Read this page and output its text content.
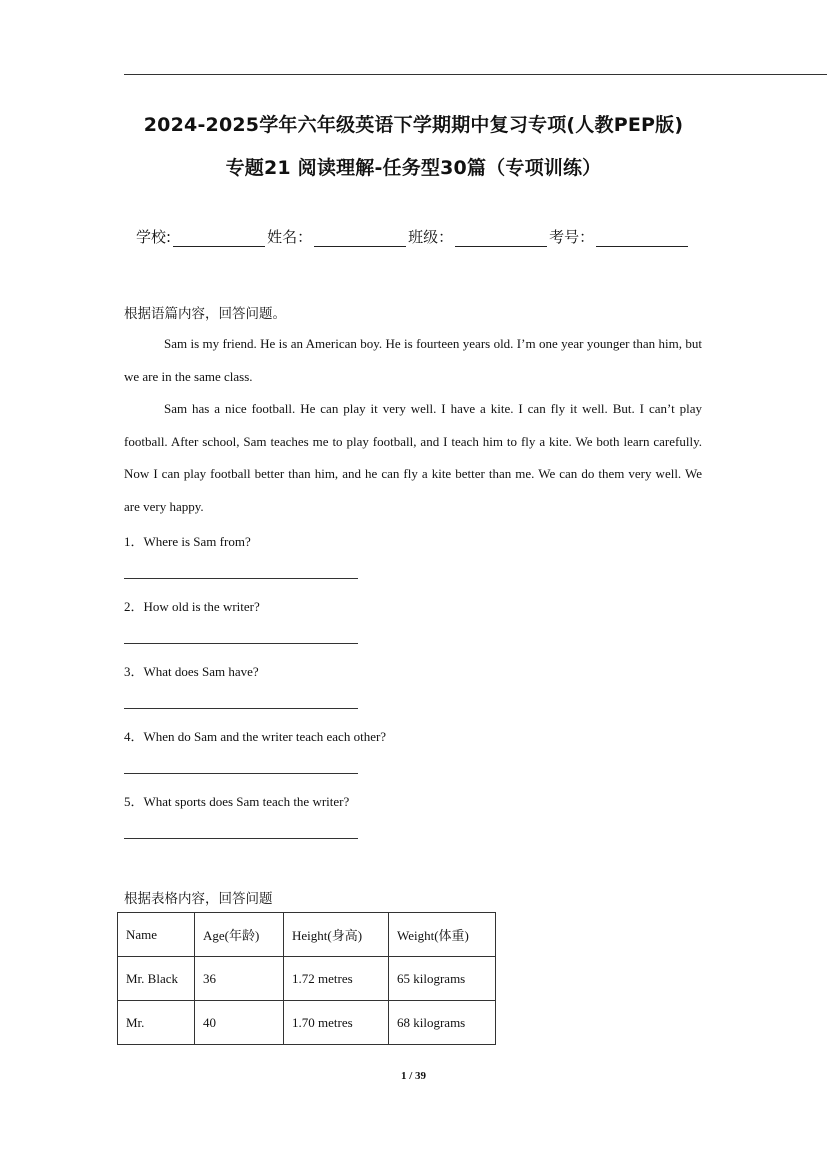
2024-2025学年六年级英语下学期期中复习专项(人教PEP版)
专题21 阅读理解-任务型30篇（专项训练）
学校:	姓名：	班级：	考号：
根据语篇内容，回答问题。
Sam is my friend. He is an American boy. He is fourteen years old. I’m one year younger than him, but we are in the same class.
Sam has a nice football. He can play it very well. I have a kite. I can fly it well. But. I can’t play football. After school, Sam teaches me to play football, and I teach him to fly a kite. We both learn carefully. Now I can play football better than him, and he can fly a kite better than me. We can do them very well. We are very happy.
1．Where is Sam from?
2．How old is the writer?
3．What does Sam have?
4．When do Sam and the writer teach each other?
5．What sports does Sam teach the writer?
根据表格内容，回答问题
Name	Age(年龄)	Height(身高)	Weight(体重)
Mr. Black	36	1.72 metres	65 kilograms
Mr.	40	1.70 metres	68 kilograms
1 / 39
